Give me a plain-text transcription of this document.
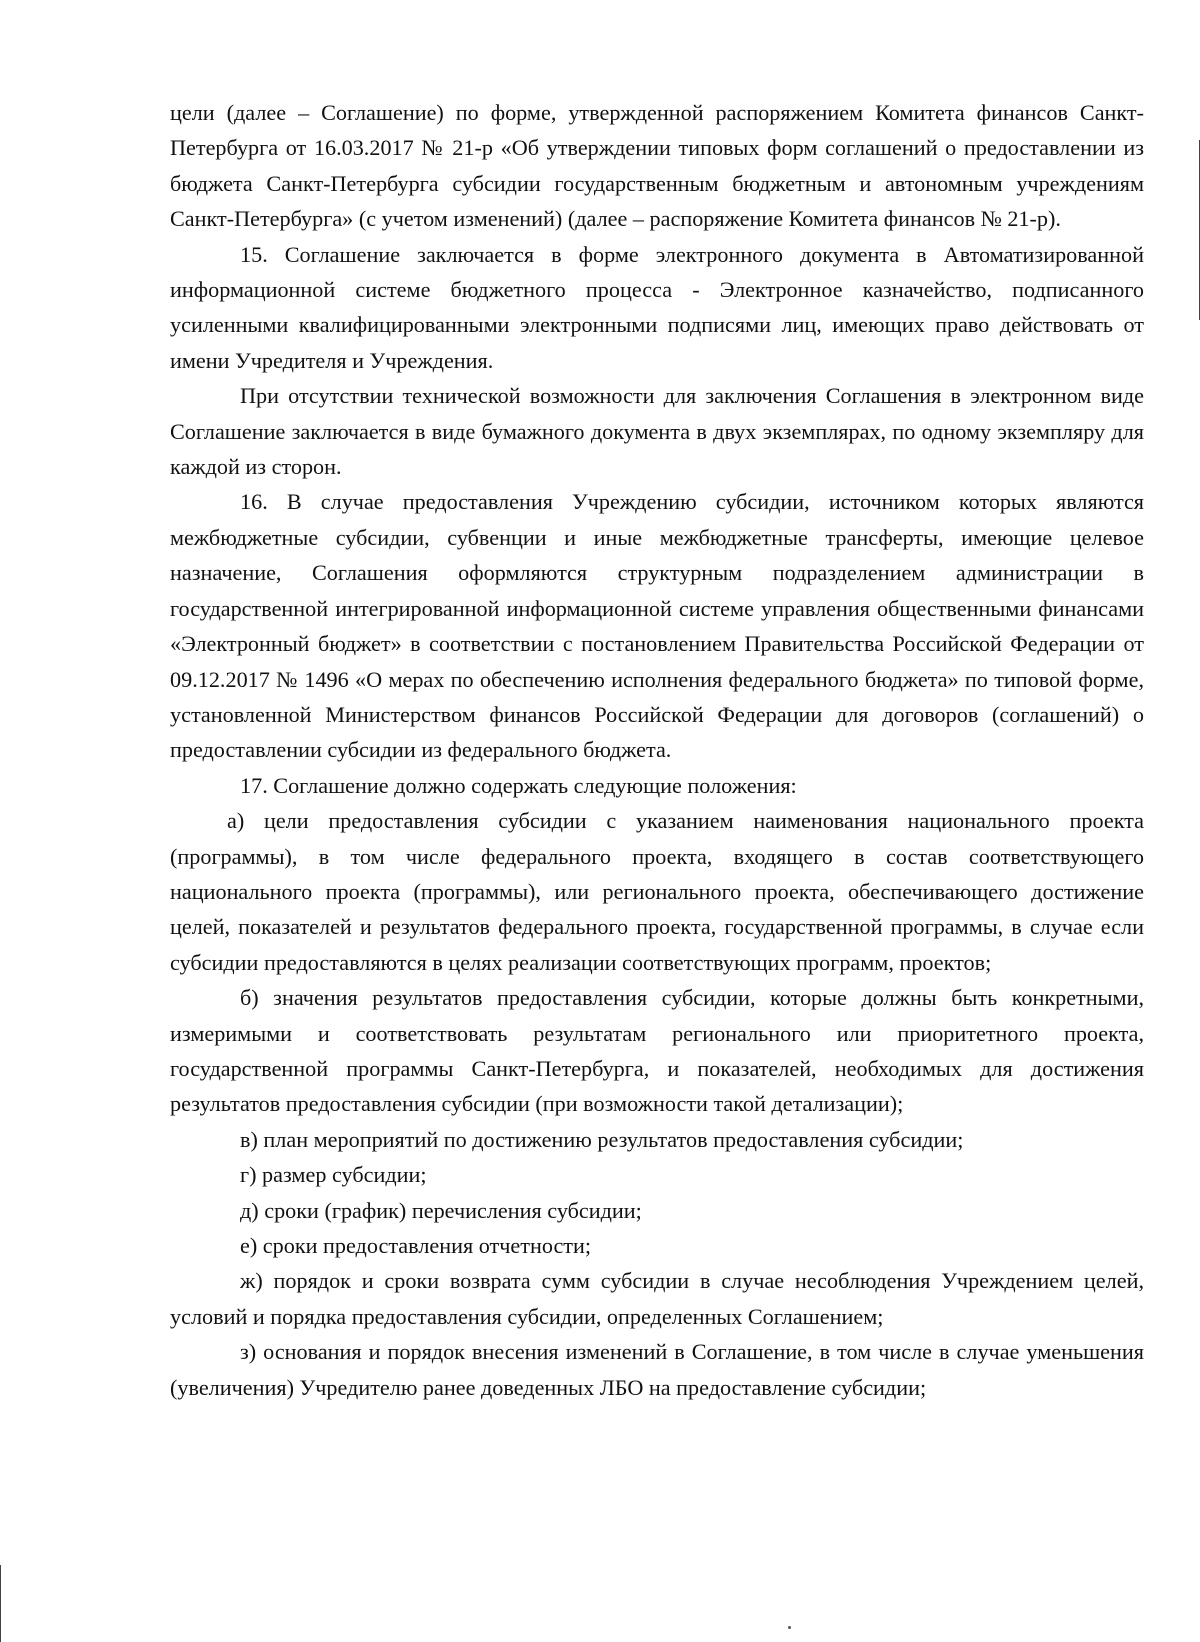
цели (далее – Соглашение) по форме, утвержденной распоряжением Комитета финансов Санкт-Петербурга от 16.03.2017 № 21-р «Об утверждении типовых форм соглашений о предоставлении из бюджета Санкт-Петербурга субсидии государственным бюджетным и автономным учреждениям Санкт-Петербурга» (с учетом изменений) (далее – распоряжение Комитета финансов № 21-р).

15. Соглашение заключается в форме электронного документа в Автоматизированной информационной системе бюджетного процесса - Электронное казначейство, подписанного усиленными квалифицированными электронными подписями лиц, имеющих право действовать от имени Учредителя и Учреждения.

При отсутствии технической возможности для заключения Соглашения в электронном виде Соглашение заключается в виде бумажного документа в двух экземплярах, по одному экземпляру для каждой из сторон.

16. В случае предоставления Учреждению субсидии, источником которых являются межбюджетные субсидии, субвенции и иные межбюджетные трансферты, имеющие целевое назначение, Соглашения оформляются структурным подразделением администрации в государственной интегрированной информационной системе управления общественными финансами «Электронный бюджет» в соответствии с постановлением Правительства Российской Федерации от 09.12.2017 № 1496 «О мерах по обеспечению исполнения федерального бюджета» по типовой форме, установленной Министерством финансов Российской Федерации для договоров (соглашений) о предоставлении субсидии из федерального бюджета.

17. Соглашение должно содержать следующие положения:

а) цели предоставления субсидии с указанием наименования национального проекта (программы), в том числе федерального проекта, входящего в состав соответствующего национального проекта (программы), или регионального проекта, обеспечивающего достижение целей, показателей и результатов федерального проекта, государственной программы, в случае если субсидии предоставляются в целях реализации соответствующих программ, проектов;

б) значения результатов предоставления субсидии, которые должны быть конкретными, измеримыми и соответствовать результатам регионального или приоритетного проекта, государственной программы Санкт-Петербурга, и показателей, необходимых для достижения результатов предоставления субсидии (при возможности такой детализации);

в) план мероприятий по достижению результатов предоставления субсидии;

г) размер субсидии;

д) сроки (график) перечисления субсидии;

е) сроки предоставления отчетности;

ж) порядок и сроки возврата сумм субсидии в случае несоблюдения Учреждением целей, условий и порядка предоставления субсидии, определенных Соглашением;

з) основания и порядок внесения изменений в Соглашение, в том числе в случае уменьшения (увеличения) Учредителю ранее доведенных ЛБО на предоставление субсидии;
